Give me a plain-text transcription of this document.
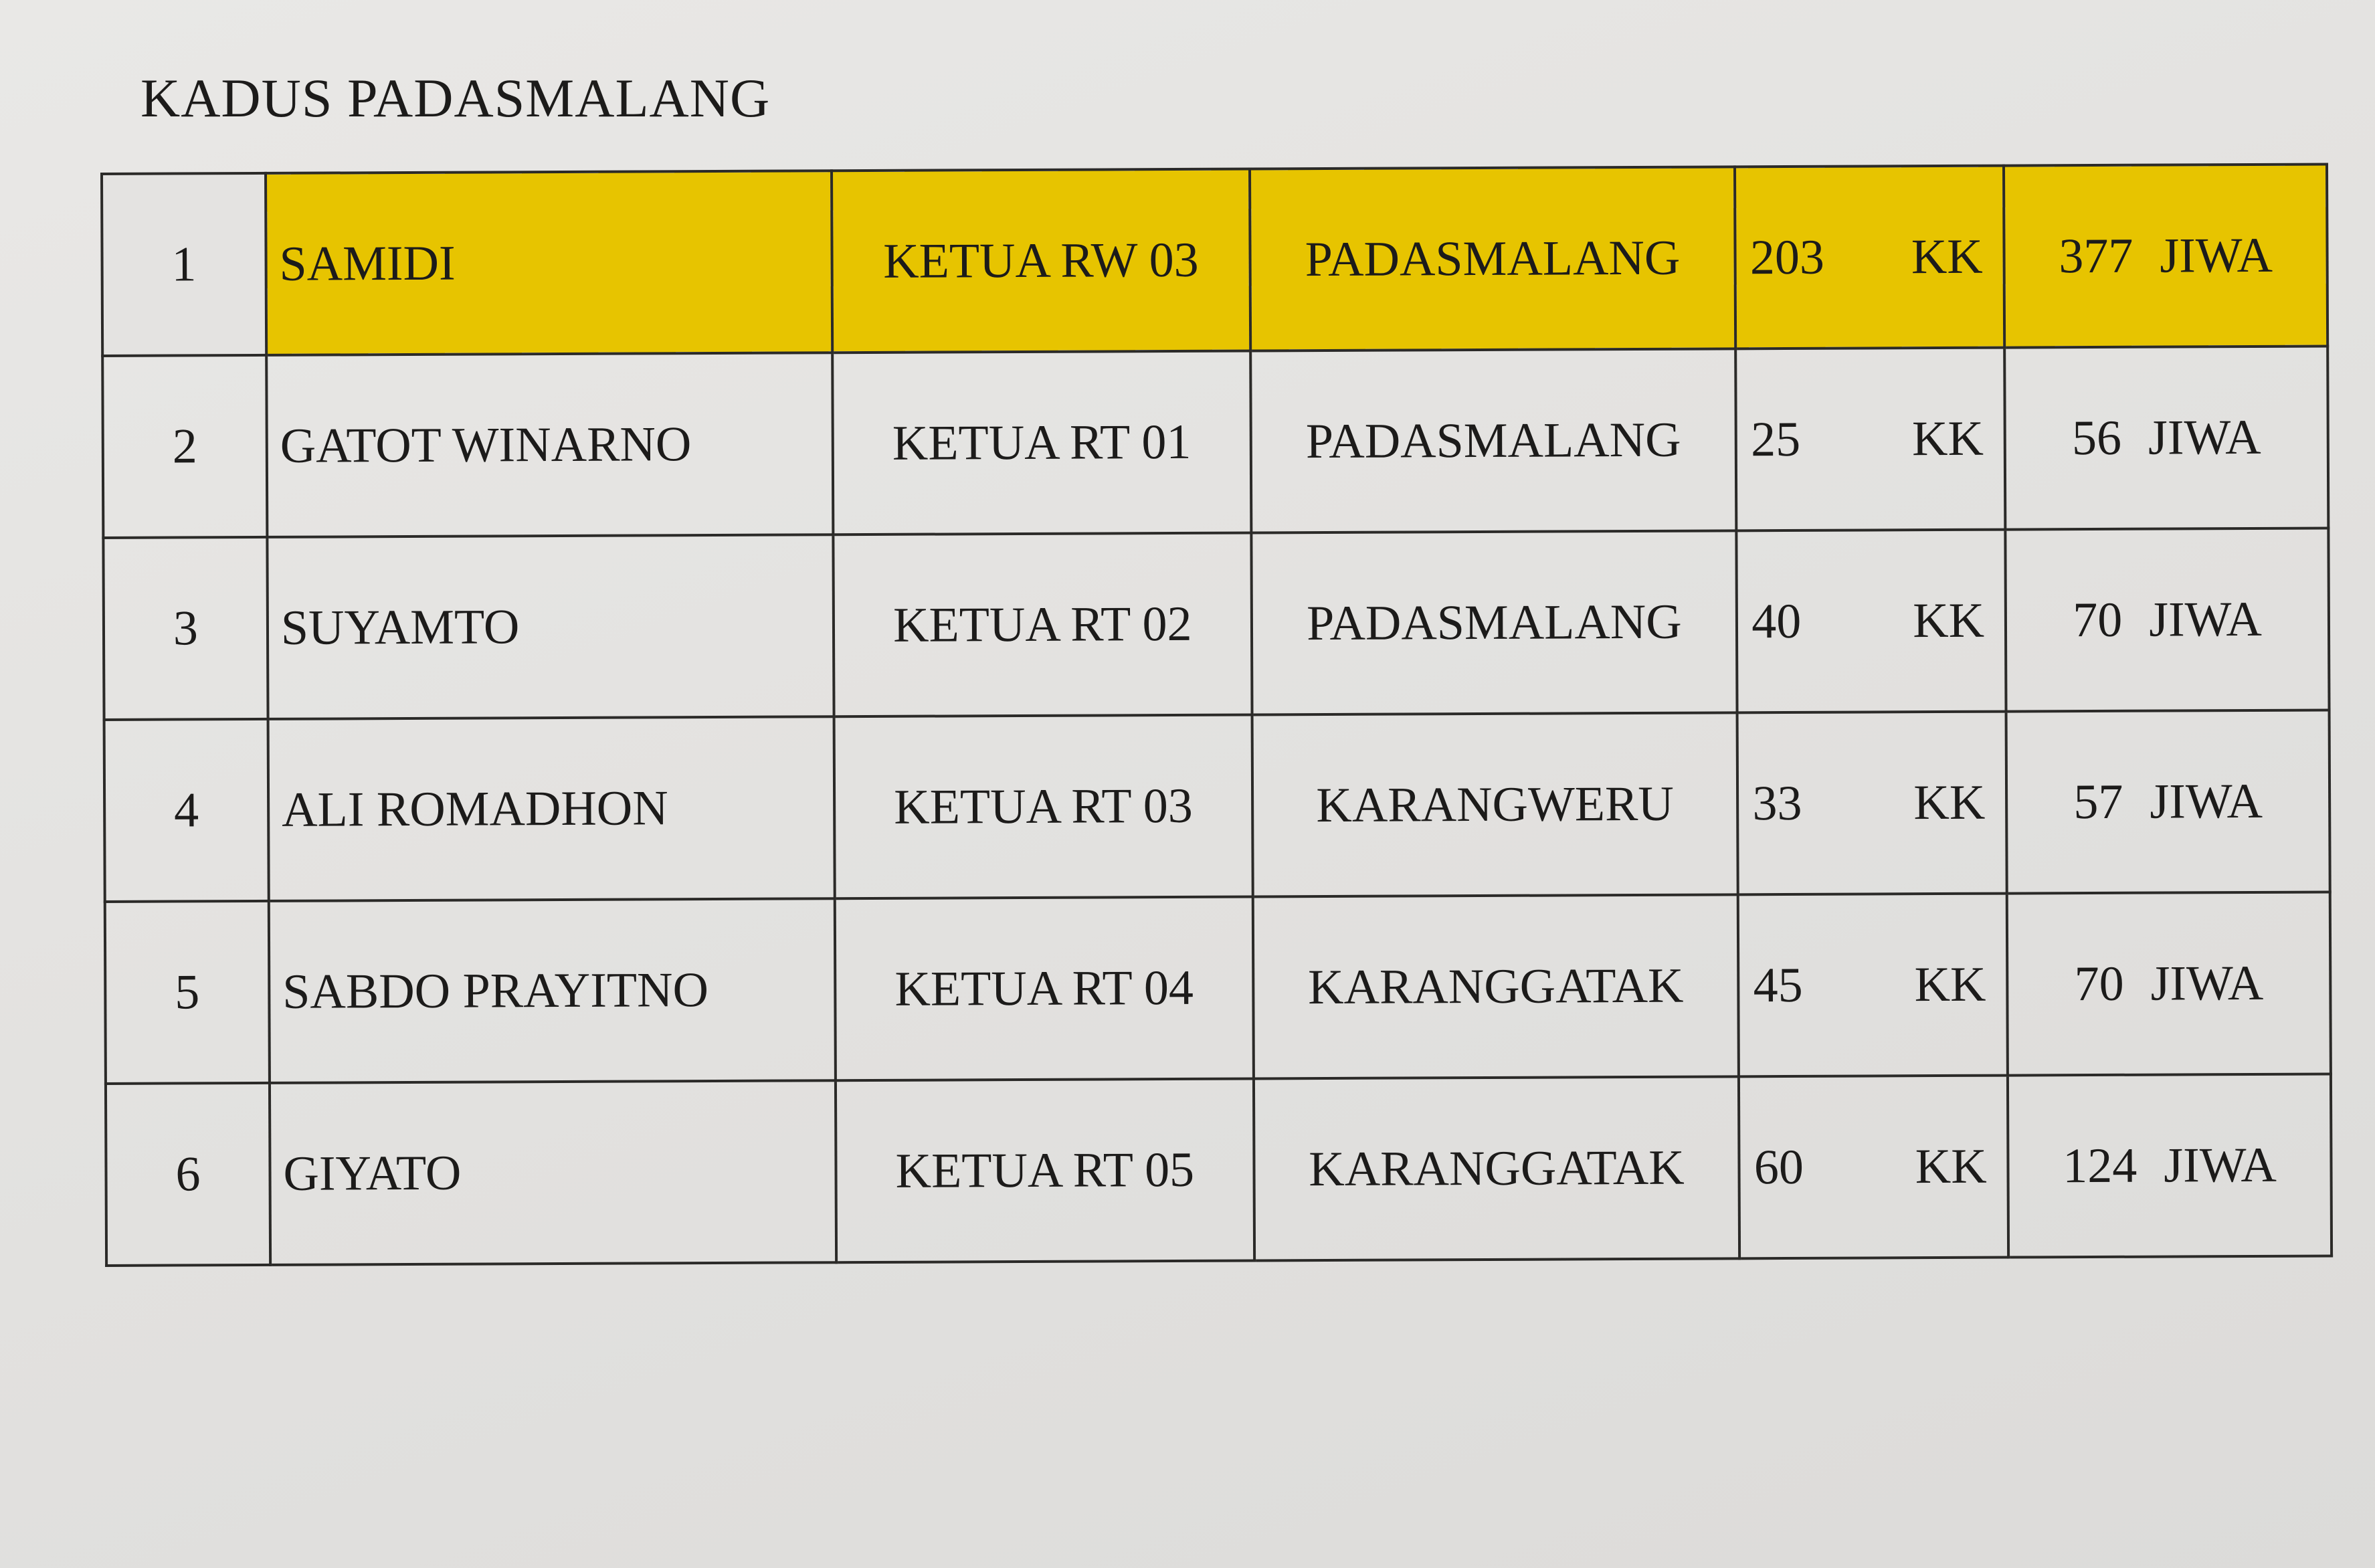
KADUS PADASMALANG
1	SAMIDI	KETUA RW 03	PADASMALANG	203 KK	377 JIWA
2	GATOT WINARNO	KETUA RT 01	PADASMALANG	25 KK	56 JIWA
3	SUYAMTO	KETUA RT 02	PADASMALANG	40 KK	70 JIWA
4	ALI ROMADHON	KETUA RT 03	KARANGWERU	33 KK	57 JIWA
5	SABDO PRAYITNO	KETUA RT 04	KARANGGATAK	45 KK	70 JIWA
6	GIYATO	KETUA RT 05	KARANGGATAK	60 KK	124 JIWA
